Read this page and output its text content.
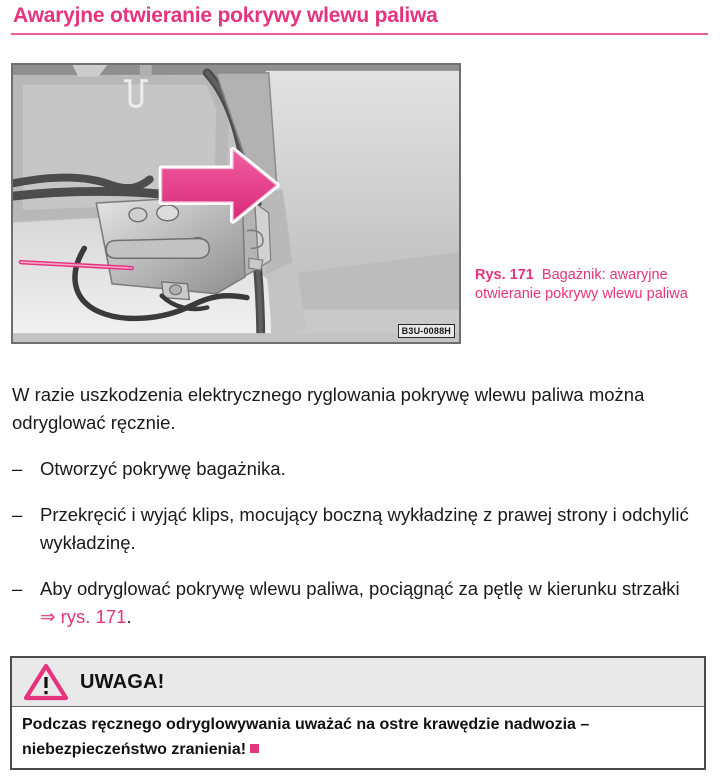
Awaryjne otwieranie pokrywy wlewu paliwa
B3U-0088H
Rys. 171 Bagażnik: awaryjne otwieranie pokrywy wlewu paliwa
W razie uszkodzenia elektrycznego ryglowania pokrywę wlewu paliwa można odryglować ręcznie.
– Otworzyć pokrywę bagażnika.
– Przekręcić i wyjąć klips, mocujący boczną wykładzinę z prawej strony i odchylić wykładzinę.
– Aby odryglować pokrywę wlewu paliwa, pociągnąć za pętlę w kierunku strzałki ⇒ rys. 171.
UWAGA!
Podczas ręcznego odryglowywania uważać na ostre krawędzie nadwozia – niebezpieczeństwo zranienia!
